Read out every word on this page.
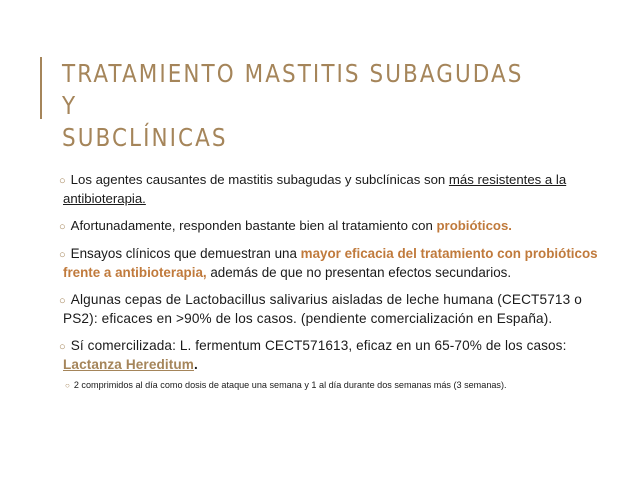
TRATAMIENTO MASTITIS SUBAGUDAS Y
SUBCLÍNICAS

○ Los agentes causantes de mastitis subagudas y subclínicas son más resistentes a la antibioterapia.

○ Afortunadamente, responden bastante bien al tratamiento con probióticos.

○ Ensayos clínicos que demuestran una mayor eficacia del tratamiento con probióticos frente a antibioterapia, además de que no presentan efectos secundarios.

○ Algunas cepas de Lactobacillus salivarius aisladas de leche humana (CECT5713 o PS2): eficaces en >90% de los casos. (pendiente comercialización en España).

○ Sí comercilizada: L. fermentum CECT571613, eficaz en un 65-70% de los casos: Lactanza Hereditum.

○ 2 comprimidos al día como dosis de ataque una semana y 1 al día durante dos semanas más (3 semanas).
